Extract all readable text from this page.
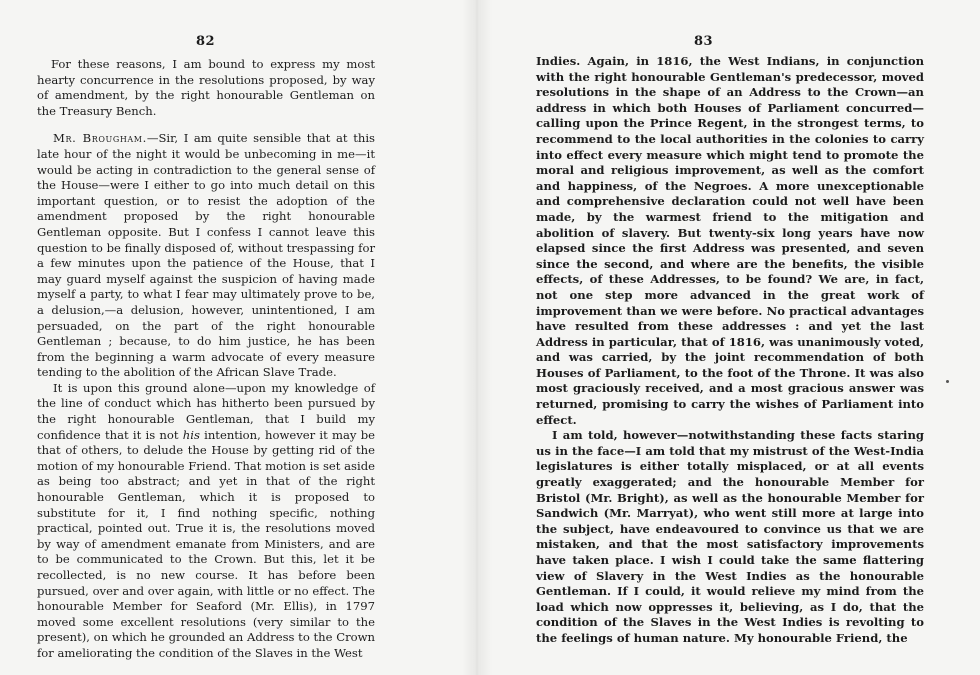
82

For these reasons, I am bound to express my most hearty concurrence in the resolutions proposed, by way of amendment, by the right honourable Gentleman on the Treasury Bench.

Mr. Brougham.—Sir, I am quite sensible that at this late hour of the night it would be unbecoming in me—it would be acting in contradiction to the general sense of the House—were I either to go into much detail on this important question, or to resist the adoption of the amendment proposed by the right honourable Gentleman opposite. But I confess I cannot leave this question to be finally disposed of, without trespassing for a few minutes upon the patience of the House, that I may guard myself against the suspicion of having made myself a party, to what I fear may ultimately prove to be, a delusion,—a delusion, however, unintentioned, I am persuaded, on the part of the right honourable Gentleman ; because, to do him justice, he has been from the beginning a warm advocate of every measure tending to the abolition of the African Slave Trade.

It is upon this ground alone—upon my knowledge of the line of conduct which has hitherto been pursued by the right honourable Gentleman, that I build my confidence that it is not his intention, however it may be that of others, to delude the House by getting rid of the motion of my honourable Friend. That motion is set aside as being too abstract; and yet in that of the right honourable Gentleman, which it is proposed to substitute for it, I find nothing specific, nothing practical, pointed out. True it is, the resolutions moved by way of amendment emanate from Ministers, and are to be communicated to the Crown. But this, let it be recollected, is no new course. It has before been pursued, over and over again, with little or no effect. The honourable Member for Seaford (Mr. Ellis), in 1797 moved some excellent resolutions (very similar to the present), on which he grounded an Address to the Crown for ameliorating the condition of the Slaves in the West

83

Indies. Again, in 1816, the West Indians, in conjunction with the right honourable Gentleman's predecessor, moved resolutions in the shape of an Address to the Crown—an address in which both Houses of Parliament concurred—calling upon the Prince Regent, in the strongest terms, to recommend to the local authorities in the colonies to carry into effect every measure which might tend to promote the moral and religious improvement, as well as the comfort and happiness, of the Negroes. A more unexceptionable and comprehensive declaration could not well have been made, by the warmest friend to the mitigation and abolition of slavery. But twenty-six long years have now elapsed since the first Address was presented, and seven since the second, and where are the benefits, the visible effects, of these Addresses, to be found? We are, in fact, not one step more advanced in the great work of improvement than we were before. No practical advantages have resulted from these addresses : and yet the last Address in particular, that of 1816, was unanimously voted, and was carried, by the joint recommendation of both Houses of Parliament, to the foot of the Throne. It was also most graciously received, and a most gracious answer was returned, promising to carry the wishes of Parliament into effect.

I am told, however—notwithstanding these facts staring us in the face—I am told that my mistrust of the West-India legislatures is either totally misplaced, or at all events greatly exaggerated; and the honourable Member for Bristol (Mr. Bright), as well as the honourable Member for Sandwich (Mr. Marryat), who went still more at large into the subject, have endeavoured to convince us that we are mistaken, and that the most satisfactory improvements have taken place. I wish I could take the same flattering view of Slavery in the West Indies as the honourable Gentleman. If I could, it would relieve my mind from the load which now oppresses it, believing, as I do, that the condition of the Slaves in the West Indies is revolting to the feelings of human nature. My honourable Friend, the
